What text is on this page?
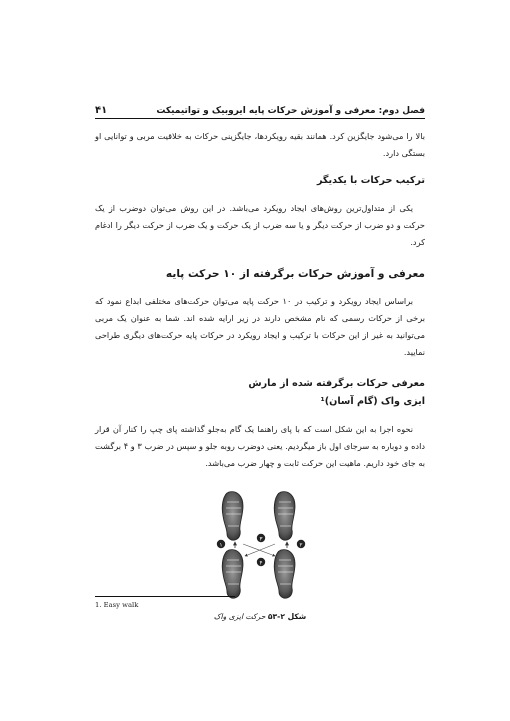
فصل دوم: معرفی و آموزش حرکات پایه ایروبیک و تواتیمیکت
۴۱

بالا را می‌شود جایگزین کرد. همانند بقیه رویکردها، جایگزینی حرکات به خلاقیت مربی و توانایی او بستگی دارد.

ترکیب حرکات با یکدیگر

یکی از متداول‌ترین روش‌های ایجاد رویکرد می‌باشد. در این روش می‌توان دوضرب از یک حرکت و دو ضرب از حرکت دیگر و یا سه ضرب از یک حرکت و یک ضرب از حرکت دیگر را ادغام کرد.

معرفی و آموزش حرکات برگرفته از ۱۰ حرکت پایه

براساس ایجاد رویکرد و ترکیب در ۱۰ حرکت پایه می‌توان حرکت‌های مختلفی ابداع نمود که برخی از حرکات رسمی که نام مشخص دارند در زیر ارایه شده اند. شما به عنوان یک مربی می‌توانید به غیر از این حرکات با ترکیب و ایجاد رویکرد در حرکات پایه حرکت‌های دیگری طراحی نمایید.

معرفی حرکات برگرفته شده از مارش
ایزی واک (گام آسان)¹

نحوه اجرا به این شکل است که با پای راهنما یک گام به‌جلو گذاشته پای چپ را کنار آن قرار داده و دوباره به سرجای اول باز میگردیم. یعنی دوضرب روبه جلو و سپس در ضرب ۳ و ۴ برگشت به جای خود داریم. ماهیت این حرکت ثابت و چهار ضرب می‌باشد.

۱	۲
۳
۴
شکل ۲-۵۳ حرکت ایزی واک
1. Easy walk
